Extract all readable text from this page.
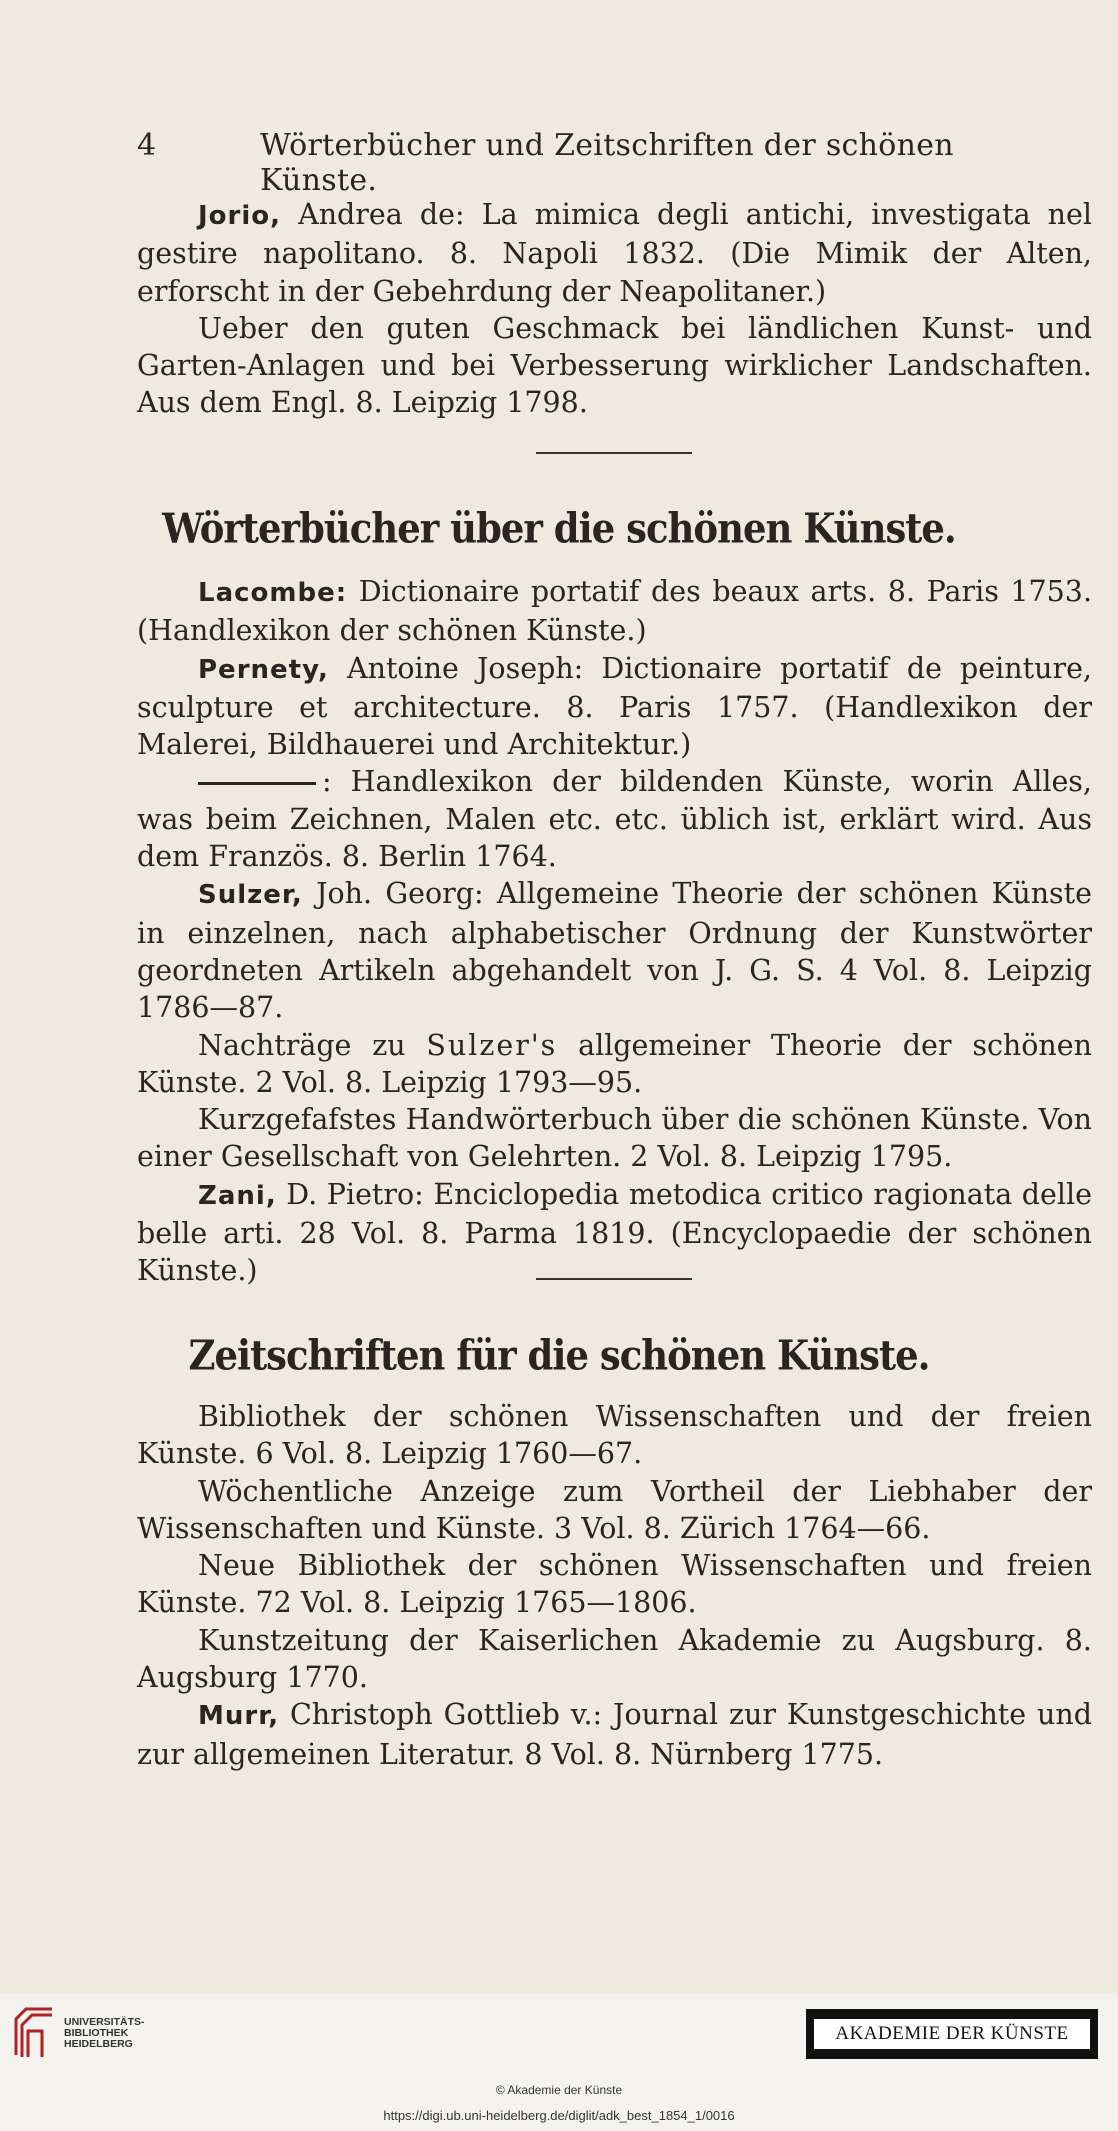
4	Wörterbücher und Zeitschriften der schönen Künste.

Jorio, Andrea de: La mimica degli antichi, investigata nel gestire napolitano. 8. Napoli 1832. (Die Mimik der Alten, erforscht in der Gebehrdung der Neapolitaner.)

Ueber den guten Geschmack bei ländlichen Kunst- und Garten-Anlagen und bei Verbesserung wirklicher Landschaften. Aus dem Engl. 8. Leipzig 1798.

Wörterbücher über die schönen Künste.

Lacombe: Dictionaire portatif des beaux arts. 8. Paris 1753. (Handlexikon der schönen Künste.)

Pernety, Antoine Joseph: Dictionaire portatif de peinture, sculpture et architecture. 8. Paris 1757. (Handlexikon der Malerei, Bildhauerei und Architektur.)

: Handlexikon der bildenden Künste, worin Alles, was beim Zeichnen, Malen etc. etc. üblich ist, erklärt wird. Aus dem Französ. 8. Berlin 1764.

Sulzer, Joh. Georg: Allgemeine Theorie der schönen Künste in einzelnen, nach alphabetischer Ordnung der Kunstwörter geordneten Artikeln abgehandelt von J. G. S. 4 Vol. 8. Leipzig 1786—87.

Nachträge zu Sulzer's allgemeiner Theorie der schönen Künste. 2 Vol. 8. Leipzig 1793—95.

Kurzgefafstes Handwörterbuch über die schönen Künste. Von einer Gesellschaft von Gelehrten. 2 Vol. 8. Leipzig 1795.

Zani, D. Pietro: Enciclopedia metodica critico ragionata delle belle arti. 28 Vol. 8. Parma 1819. (Encyclopaedie der schönen Künste.)

Zeitschriften für die schönen Künste.

Bibliothek der schönen Wissenschaften und der freien Künste. 6 Vol. 8. Leipzig 1760—67.

Wöchentliche Anzeige zum Vortheil der Liebhaber der Wissenschaften und Künste. 3 Vol. 8. Zürich 1764—66.

Neue Bibliothek der schönen Wissenschaften und freien Künste. 72 Vol. 8. Leipzig 1765—1806.

Kunstzeitung der Kaiserlichen Akademie zu Augsburg. 8. Augsburg 1770.

Murr, Christoph Gottlieb v.: Journal zur Kunstgeschichte und zur allgemeinen Literatur. 8 Vol. 8. Nürnberg 1775.

UNIVERSITÄTS-
BIBLIOTHEK
HEIDELBERG	AKADEMIE DER KÜNSTE
© Akademie der Künste
https://digi.ub.uni-heidelberg.de/diglit/adk_best_1854_1/0016
